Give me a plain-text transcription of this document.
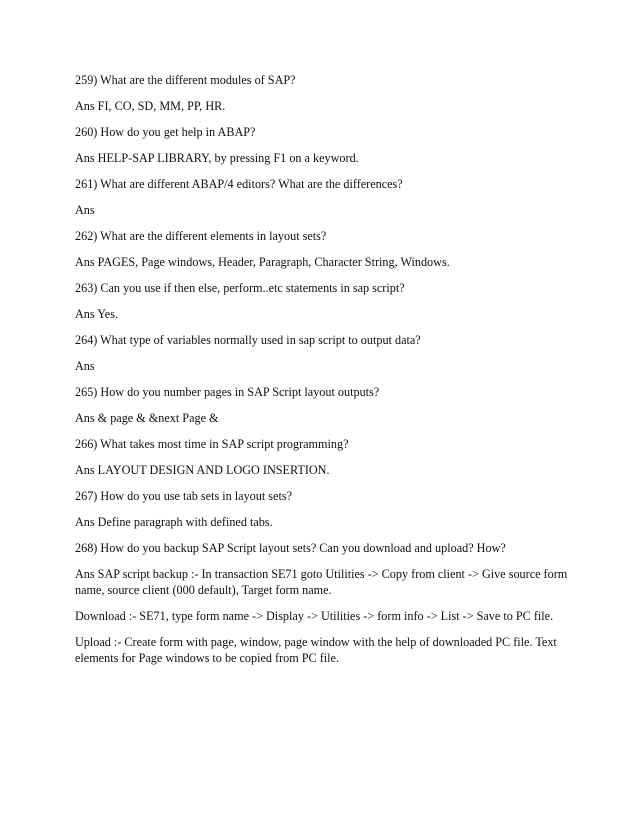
259) What are the different modules of SAP?

Ans FI, CO, SD, MM, PP, HR.

260) How do you get help in ABAP?

Ans HELP-SAP LIBRARY, by pressing F1 on a keyword.

261) What are different ABAP/4 editors? What are the differences?

Ans

262) What are the different elements in layout sets?

Ans PAGES, Page windows, Header, Paragraph, Character String, Windows.

263) Can you use if then else, perform..etc statements in sap script?

Ans Yes.

264) What type of variables normally used in sap script to output data?

Ans

265) How do you number pages in SAP Script layout outputs?

Ans & page & &next Page &

266) What takes most time in SAP script programming?

Ans LAYOUT DESIGN AND LOGO INSERTION.

267) How do you use tab sets in layout sets?

Ans Define paragraph with defined tabs.

268) How do you backup SAP Script layout sets? Can you download and upload? How?

Ans SAP script backup :- In transaction SE71 goto Utilities -> Copy from client -> Give source form name, source client (000 default), Target form name.

Download :- SE71, type form name -> Display -> Utilities -> form info -> List -> Save to PC file.

Upload :- Create form with page, window, page window with the help of downloaded PC file. Text elements for Page windows to be copied from PC file.
